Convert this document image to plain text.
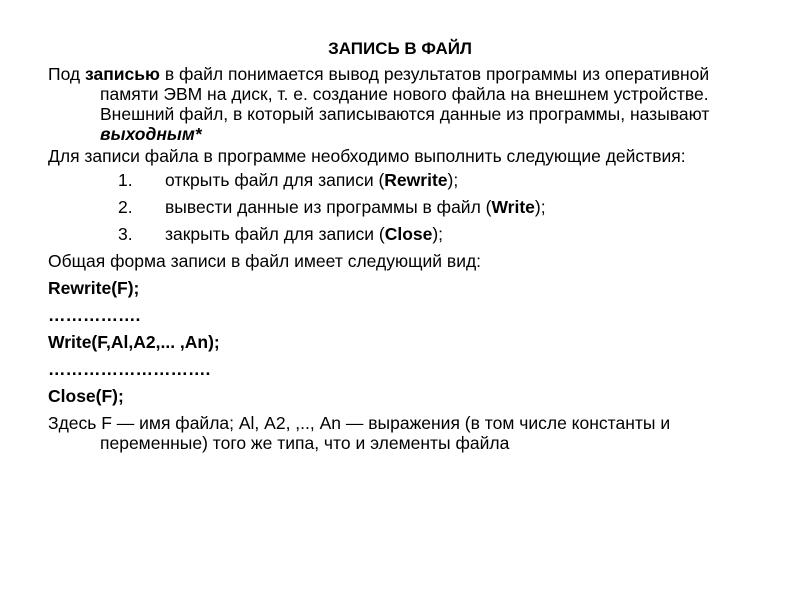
ЗАПИСЬ В ФАЙЛ

Под записью в файл понимается вывод результатов программы из оперативной памяти ЭВМ на диск, т. е. создание нового файла на внешнем устройстве. Внешний файл, в который записываются данные из программы, называют выходным*

Для записи файла в программе необходимо выполнить следующие действия:

1. открыть файл для записи (Rewrite);
2. вывести данные из программы в файл (Write);
3. закрыть файл для записи (Close);
Общая форма записи в файл имеет следующий вид:
Rewrite(F);
…………….
Write(F,Al,A2,... ,An);
……………………….
Close(F);

Здесь F — имя файла; Al, А2, ,.., An — выражения (в том числе константы и переменные) того же типа, что и элементы файла
